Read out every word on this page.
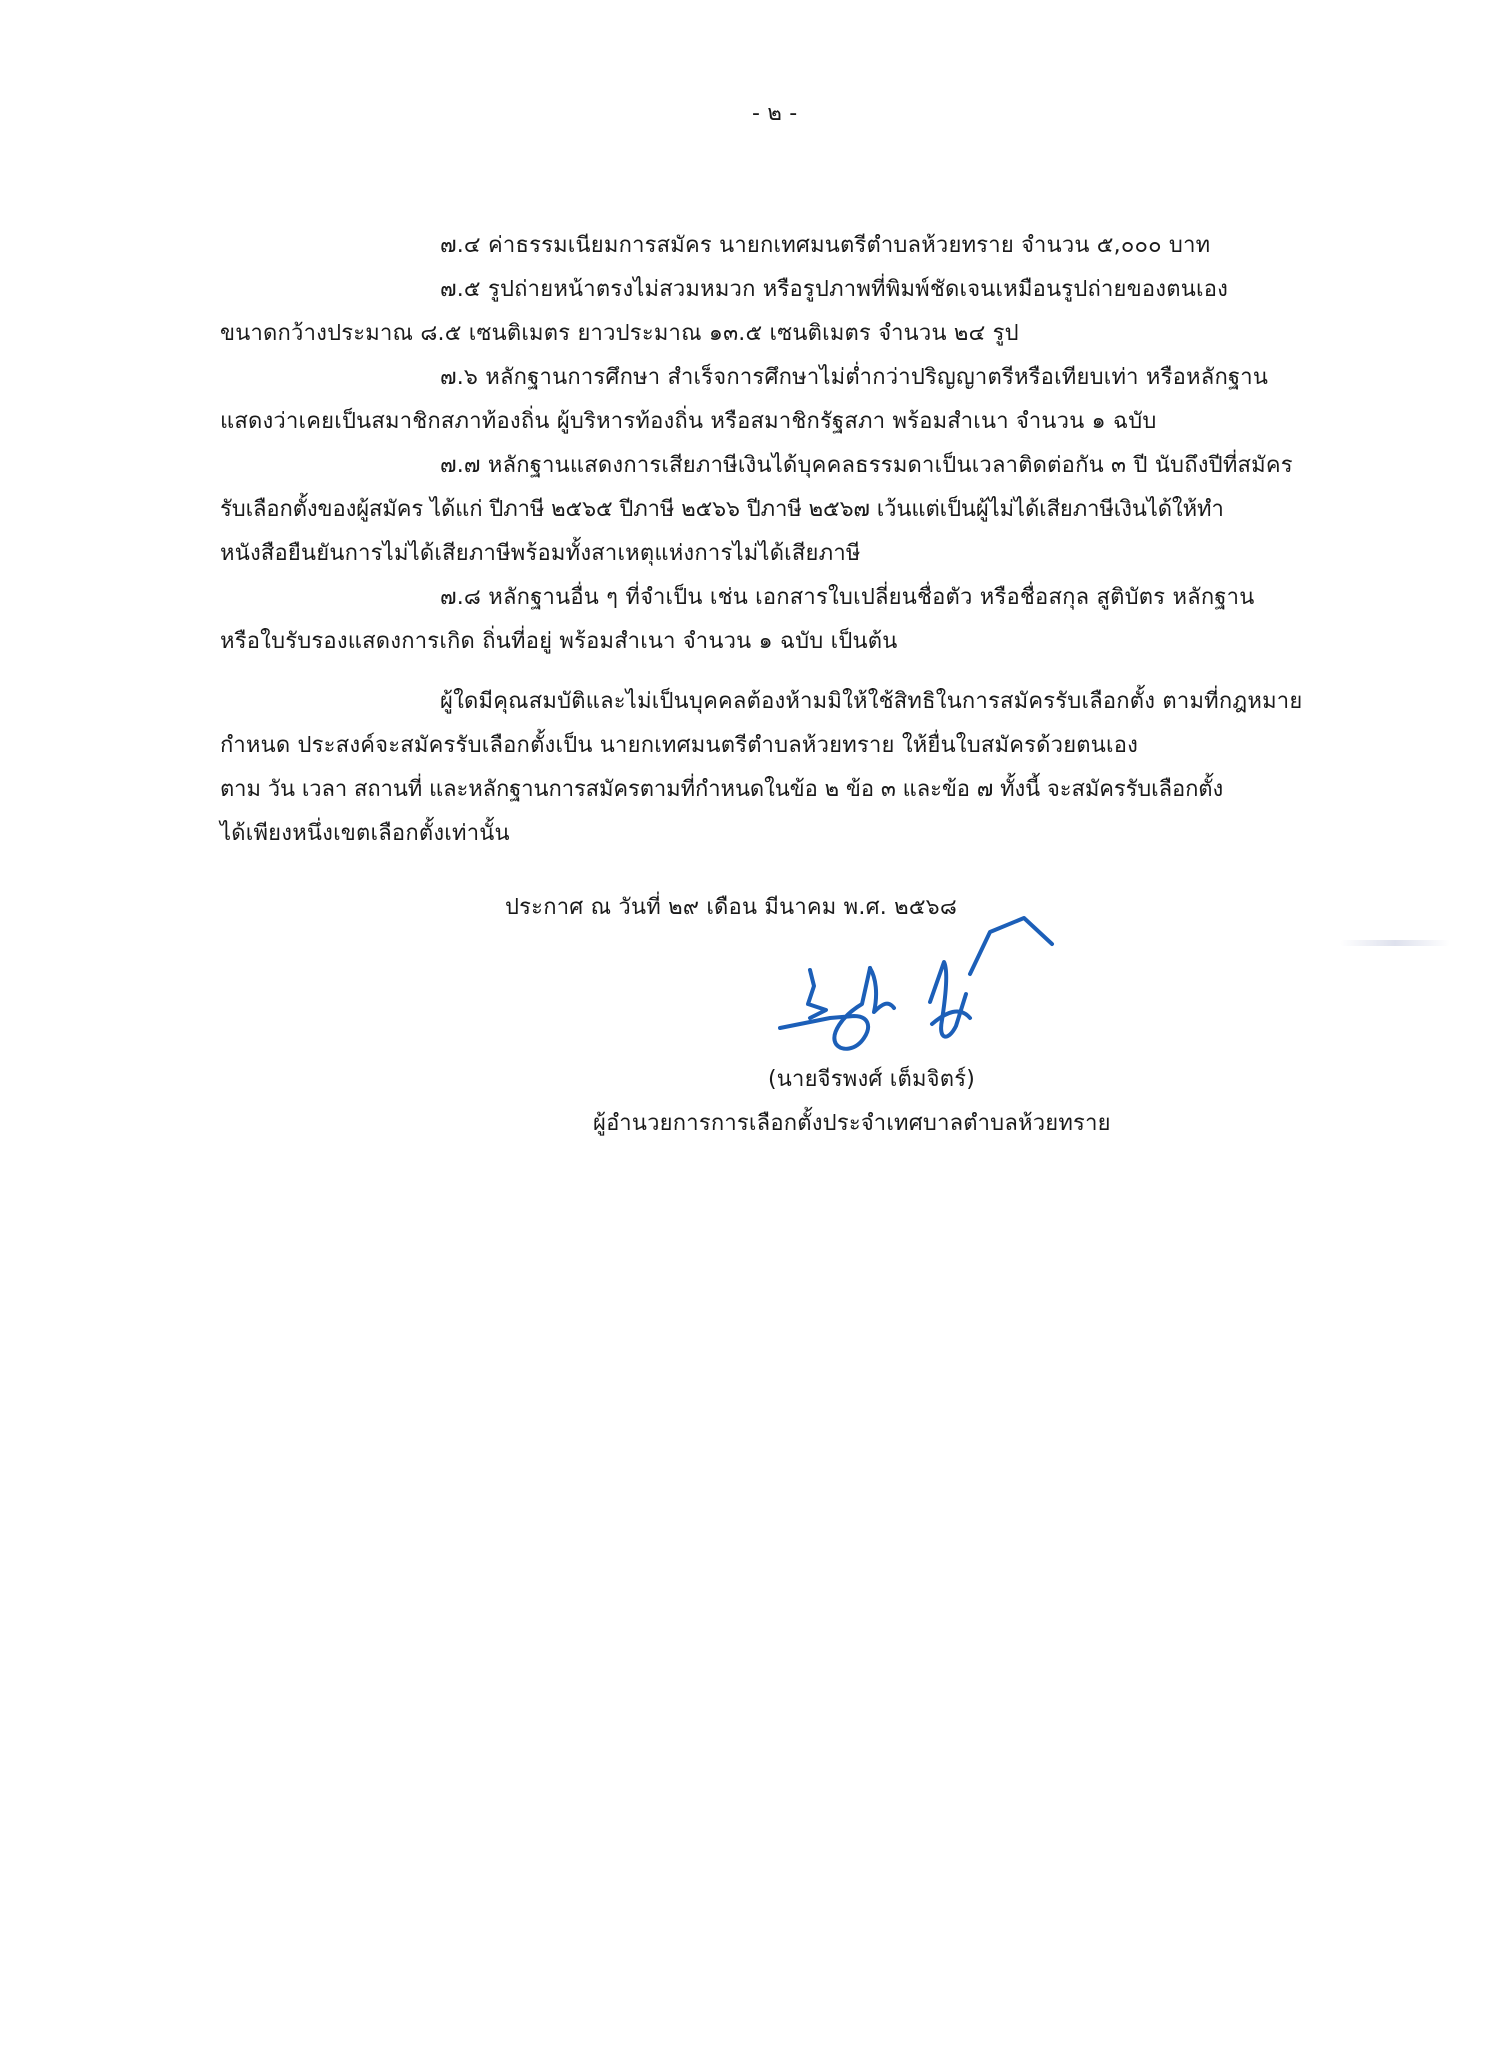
- ๒ -
๗.๔ ค่าธรรมเนียมการสมัคร นายกเทศมนตรีตำบลห้วยทราย จำนวน ๕,๐๐๐ บาท
๗.๕ รูปถ่ายหน้าตรงไม่สวมหมวก หรือรูปภาพที่พิมพ์ชัดเจนเหมือนรูปถ่ายของตนเอง
ขนาดกว้างประมาณ ๘.๕ เซนติเมตร ยาวประมาณ ๑๓.๕ เซนติเมตร จำนวน ๒๔ รูป
๗.๖ หลักฐานการศึกษา สำเร็จการศึกษาไม่ต่ำกว่าปริญญาตรีหรือเทียบเท่า หรือหลักฐาน
แสดงว่าเคยเป็นสมาชิกสภาท้องถิ่น ผู้บริหารท้องถิ่น หรือสมาชิกรัฐสภา พร้อมสำเนา จำนวน ๑ ฉบับ
๗.๗ หลักฐานแสดงการเสียภาษีเงินได้บุคคลธรรมดาเป็นเวลาติดต่อกัน ๓ ปี นับถึงปีที่สมัคร
รับเลือกตั้งของผู้สมัคร ได้แก่ ปีภาษี ๒๕๖๕ ปีภาษี ๒๕๖๖ ปีภาษี ๒๕๖๗ เว้นแต่เป็นผู้ไม่ได้เสียภาษีเงินได้ให้ทำ
หนังสือยืนยันการไม่ได้เสียภาษีพร้อมทั้งสาเหตุแห่งการไม่ได้เสียภาษี
๗.๘ หลักฐานอื่น ๆ ที่จำเป็น เช่น เอกสารใบเปลี่ยนชื่อตัว หรือชื่อสกุล สูติบัตร หลักฐาน
หรือใบรับรองแสดงการเกิด ถิ่นที่อยู่ พร้อมสำเนา จำนวน ๑ ฉบับ เป็นต้น
ผู้ใดมีคุณสมบัติและไม่เป็นบุคคลต้องห้ามมิให้ใช้สิทธิในการสมัครรับเลือกตั้ง ตามที่กฎหมาย
กำหนด ประสงค์จะสมัครรับเลือกตั้งเป็น นายกเทศมนตรีตำบลห้วยทราย ให้ยื่นใบสมัครด้วยตนเอง
ตาม วัน เวลา สถานที่ และหลักฐานการสมัครตามที่กำหนดในข้อ ๒ ข้อ ๓ และข้อ ๗ ทั้งนี้ จะสมัครรับเลือกตั้ง
ได้เพียงหนึ่งเขตเลือกตั้งเท่านั้น
ประกาศ ณ วันที่ ๒๙ เดือน มีนาคม พ.ศ. ๒๕๖๘
(นายจีรพงศ์ เต็มจิตร์)
ผู้อำนวยการการเลือกตั้งประจำเทศบาลตำบลห้วยทราย
